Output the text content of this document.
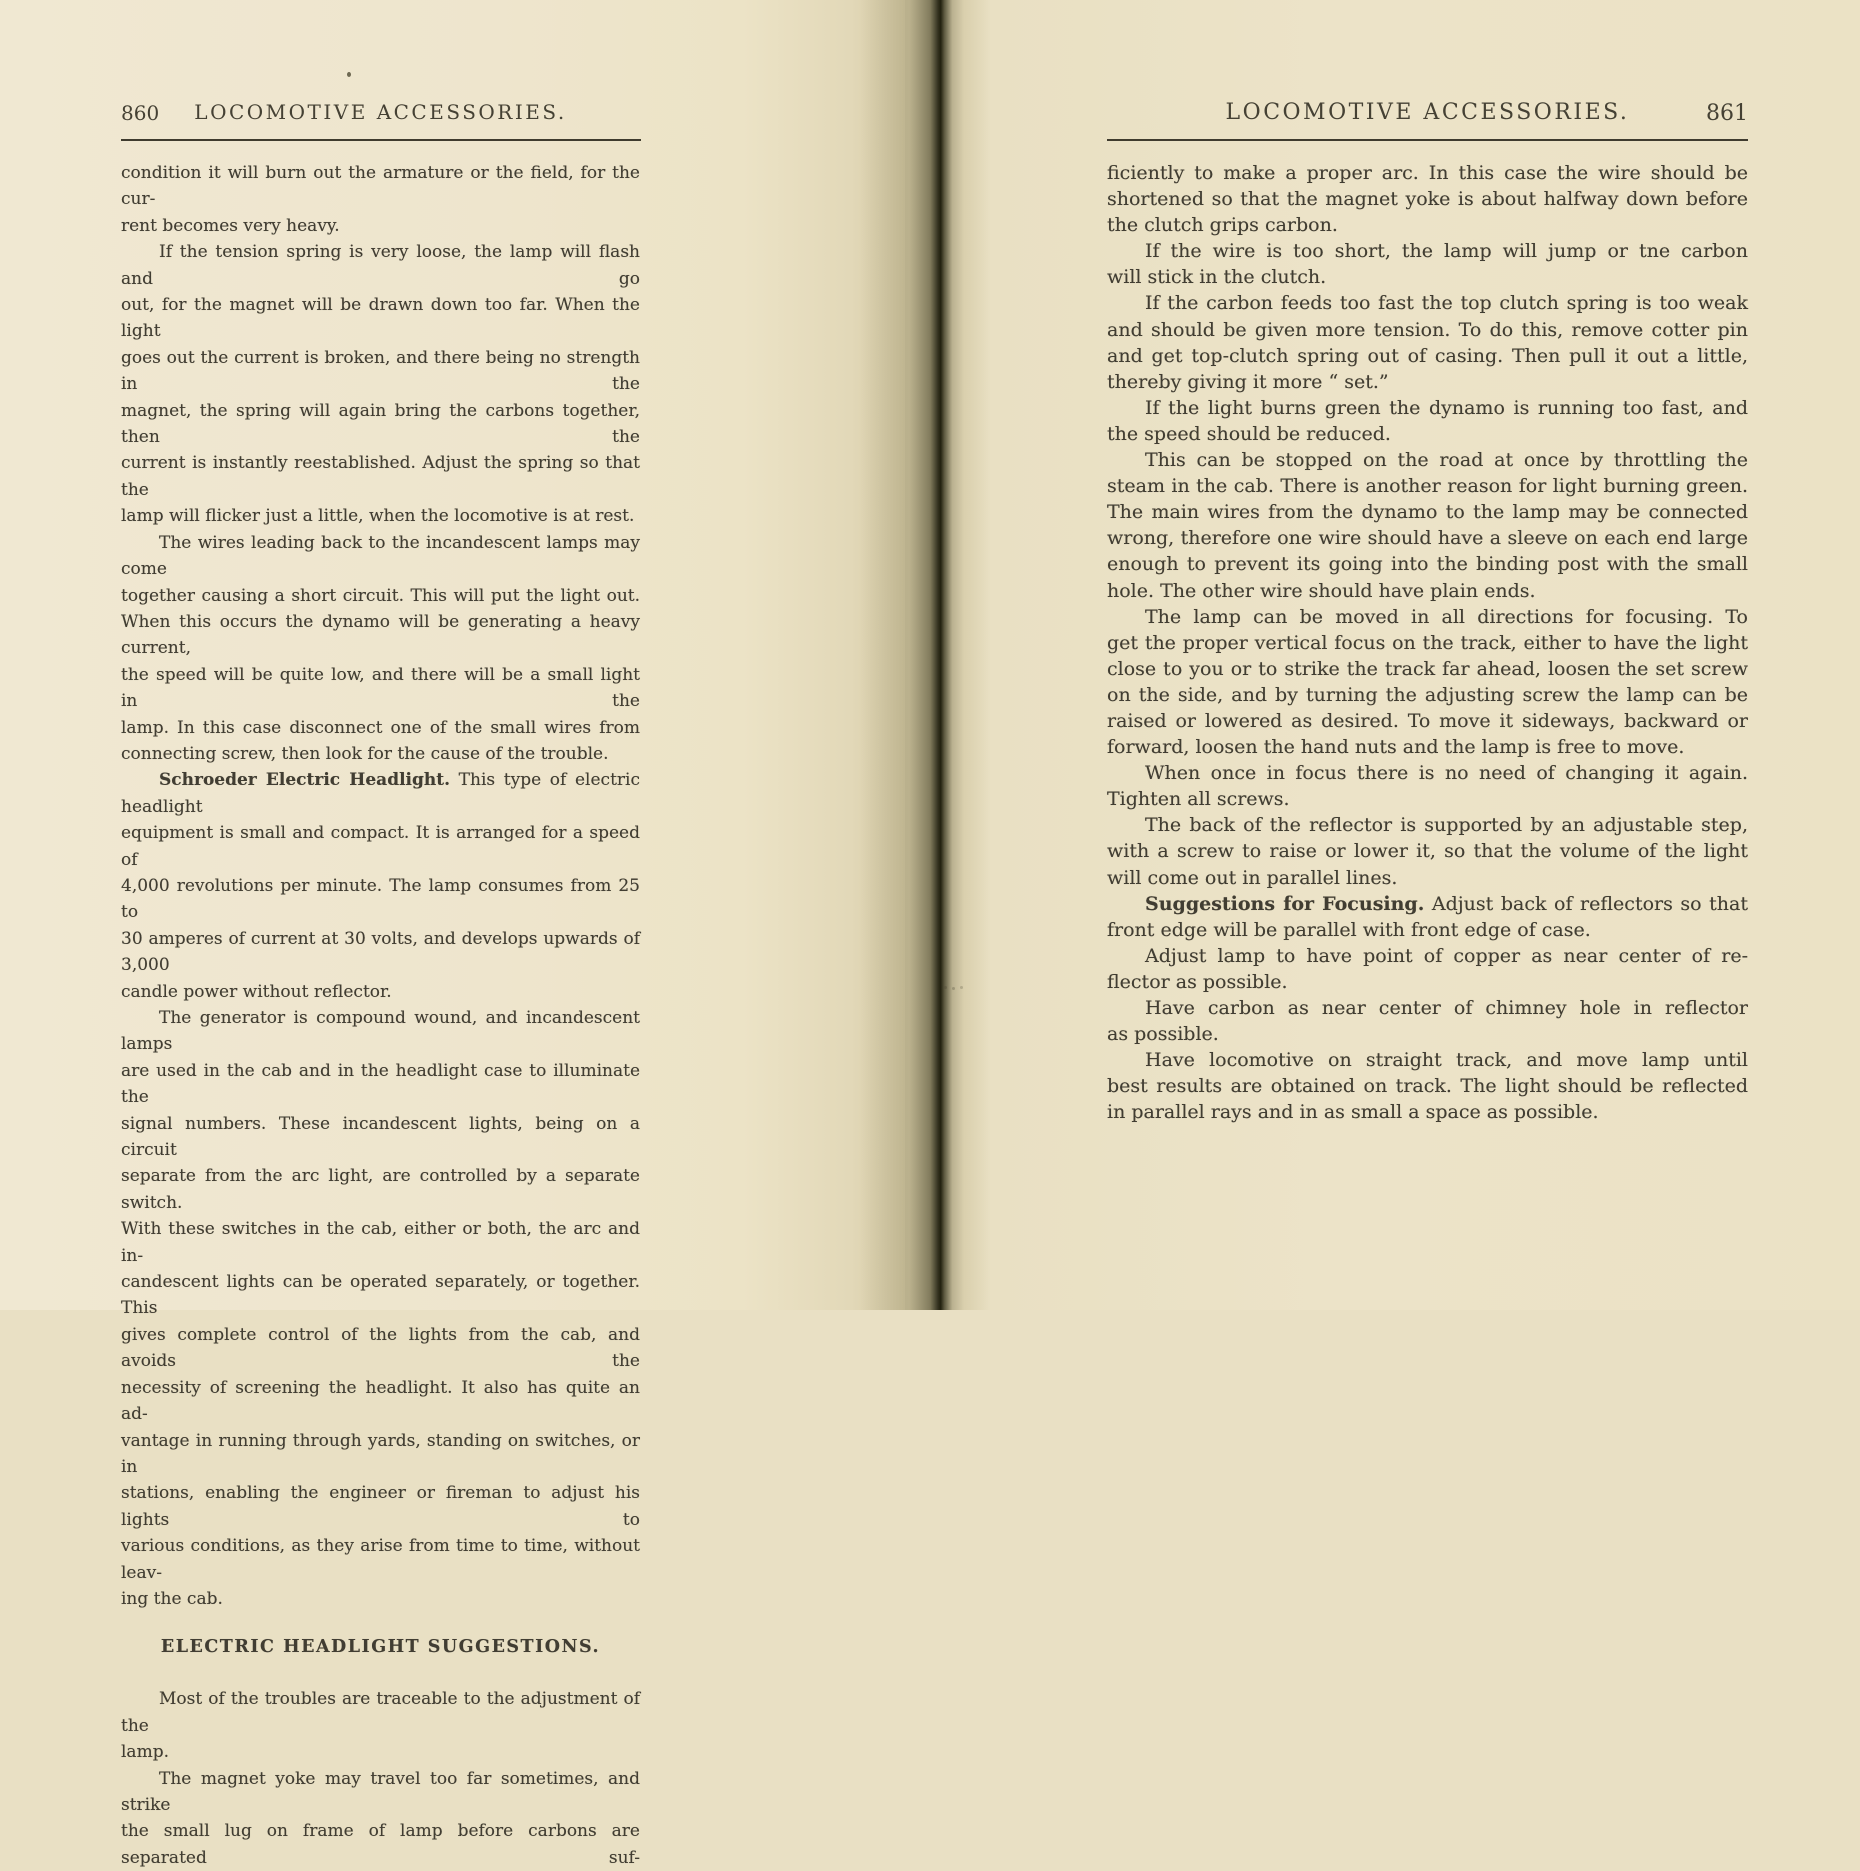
860	LOCOMOTIVE ACCESSORIES.	861
LOCOMOTIVE ACCESSORIES.
condition it will burn out the armature or the field, for the cur-
rent becomes very heavy.
If the tension spring is very loose, the lamp will flash and go
out, for the magnet will be drawn down too far. When the light
goes out the current is broken, and there being no strength in the
magnet, the spring will again bring the carbons together, then the
current is instantly reestablished. Adjust the spring so that the
lamp will flicker just a little, when the locomotive is at rest.
The wires leading back to the incandescent lamps may come
together causing a short circuit. This will put the light out.
When this occurs the dynamo will be generating a heavy current,
the speed will be quite low, and there will be a small light in the
lamp. In this case disconnect one of the small wires from
connecting screw, then look for the cause of the trouble.
Schroeder Electric Headlight. This type of electric headlight
equipment is small and compact. It is arranged for a speed of
4,000 revolutions per minute. The lamp consumes from 25 to
30 amperes of current at 30 volts, and develops upwards of 3,000
candle power without reflector.
The generator is compound wound, and incandescent lamps
are used in the cab and in the headlight case to illuminate the
signal numbers. These incandescent lights, being on a circuit
separate from the arc light, are controlled by a separate switch.
With these switches in the cab, either or both, the arc and in-
candescent lights can be operated separately, or together. This
gives complete control of the lights from the cab, and avoids the
necessity of screening the headlight. It also has quite an ad-
vantage in running through yards, standing on switches, or in
stations, enabling the engineer or fireman to adjust his lights to
various conditions, as they arise from time to time, without leav-
ing the cab.
ELECTRIC HEADLIGHT SUGGESTIONS.
Most of the troubles are traceable to the adjustment of the
lamp.
The magnet yoke may travel too far sometimes, and strike
the small lug on frame of lamp before carbons are separated suf-
ficiently to make a proper arc. In this case the wire should be
shortened so that the magnet yoke is about halfway down before
the clutch grips carbon.
If the wire is too short, the lamp will jump or tne carbon
will stick in the clutch.
If the carbon feeds too fast the top clutch spring is too weak
and should be given more tension. To do this, remove cotter pin
and get top-clutch spring out of casing. Then pull it out a little,
thereby giving it more “ set.”
If the light burns green the dynamo is running too fast, and
the speed should be reduced.
This can be stopped on the road at once by throttling the
steam in the cab. There is another reason for light burning green.
The main wires from the dynamo to the lamp may be connected
wrong, therefore one wire should have a sleeve on each end large
enough to prevent its going into the binding post with the small
hole. The other wire should have plain ends.
The lamp can be moved in all directions for focusing. To
get the proper vertical focus on the track, either to have the light
close to you or to strike the track far ahead, loosen the set screw
on the side, and by turning the adjusting screw the lamp can be
raised or lowered as desired. To move it sideways, backward or
forward, loosen the hand nuts and the lamp is free to move.
When once in focus there is no need of changing it again.
Tighten all screws.
The back of the reflector is supported by an adjustable step,
with a screw to raise or lower it, so that the volume of the light
will come out in parallel lines.
Suggestions for Focusing. Adjust back of reflectors so that
front edge will be parallel with front edge of case.
Adjust lamp to have point of copper as near center of re-
flector as possible.
Have carbon as near center of chimney hole in reflector
as possible.
Have locomotive on straight track, and move lamp until
best results are obtained on track. The light should be reflected
in parallel rays and in as small a space as possible.
